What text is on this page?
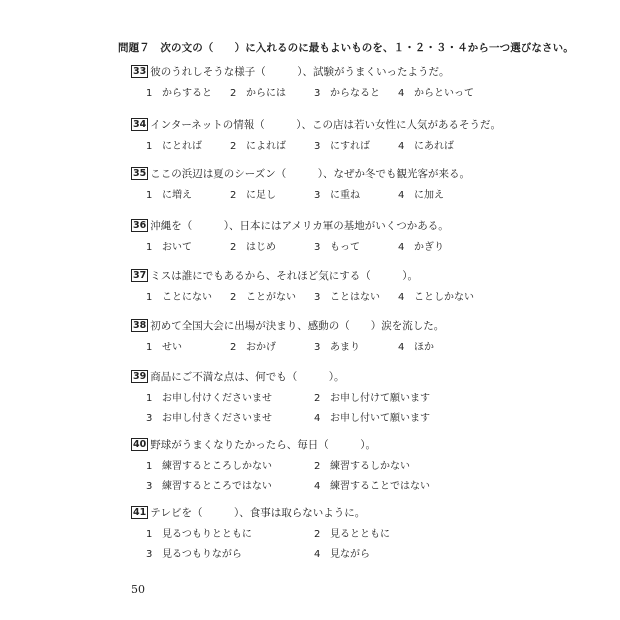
問題７　次の文の（　　）に入れるのに最もよいものを、１・２・３・４から一つ選びなさい。
33 彼のうれしそうな様子（　　　）、試験がうまくいったようだ。
1 からすると 2 からには	3 からなると 4 からといって
34 インターネットの情報（　　　）、この店は若い女性に人気があるそうだ。
1 にとれば	2 によれば	3 にすれば	4 にあれば
35 ここの浜辺は夏のシーズン（　　　）、なぜか冬でも観光客が来る。
1 に増え	2 に足し	3 に重ね	4 に加え
36 沖縄を（　　　）、日本にはアメリカ軍の基地がいくつかある。
1 おいて	2 はじめ	3 もって	4 かぎり
37 ミスは誰にでもあるから、それほど気にする（　　　）。
1 ことにない 2 ことがない 3 ことはない 4 ことしかない
38 初めて全国大会に出場が決まり、感動の（　　）涙を流した。
1 せい	2 おかげ	3 あまり	4 ほか
39 商品にご不満な点は、何でも（　　　）。
1 お申し付けくださいませ	2 お申し付けて願います
3 お申し付きくださいませ	4 お申し付いて願います
40 野球がうまくなりたかったら、毎日（　　　）。
1 練習するところしかない	2 練習するしかない
3 練習するところではない	4 練習することではない
41 テレビを（　　　）、食事は取らないように。
1 見るつもりとともに	2 見るとともに
3 見るつもりながら	4 見ながら
50
